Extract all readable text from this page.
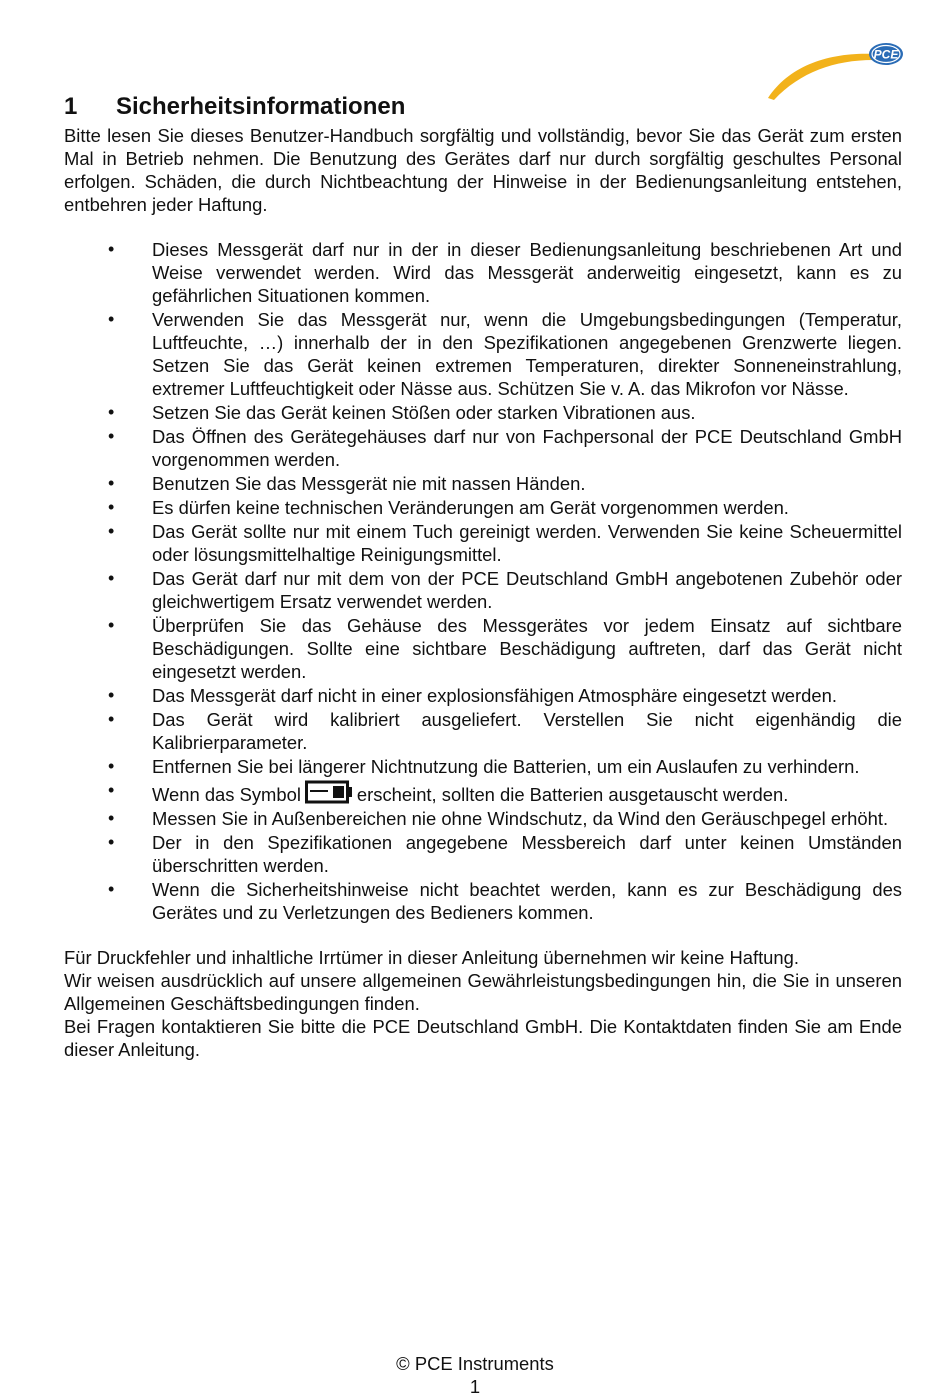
PCE
1 Sicherheitsinformationen

Bitte lesen Sie dieses Benutzer-Handbuch sorgfältig und vollständig, bevor Sie das Gerät zum ersten Mal in Betrieb nehmen. Die Benutzung des Gerätes darf nur durch sorgfältig geschultes Personal erfolgen. Schäden, die durch Nichtbeachtung der Hinweise in der Bedienungsanleitung entstehen, entbehren jeder Haftung.

• Dieses Messgerät darf nur in der in dieser Bedienungsanleitung beschriebenen Art und Weise verwendet werden. Wird das Messgerät anderweitig eingesetzt, kann es zu gefährlichen Situationen kommen.
• Verwenden Sie das Messgerät nur, wenn die Umgebungsbedingungen (Temperatur, Luftfeuchte, …) innerhalb der in den Spezifikationen angegebenen Grenzwerte liegen. Setzen Sie das Gerät keinen extremen Temperaturen, direkter Sonneneinstrahlung, extremer Luftfeuchtigkeit oder Nässe aus. Schützen Sie v. A. das Mikrofon vor Nässe.
• Setzen Sie das Gerät keinen Stößen oder starken Vibrationen aus.
• Das Öffnen des Gerätegehäuses darf nur von Fachpersonal der PCE Deutschland GmbH vorgenommen werden.
• Benutzen Sie das Messgerät nie mit nassen Händen.
• Es dürfen keine technischen Veränderungen am Gerät vorgenommen werden.
• Das Gerät sollte nur mit einem Tuch gereinigt werden. Verwenden Sie keine Scheuermittel oder lösungsmittelhaltige Reinigungsmittel.
• Das Gerät darf nur mit dem von der PCE Deutschland GmbH angebotenen Zubehör oder gleichwertigem Ersatz verwendet werden.
• Überprüfen Sie das Gehäuse des Messgerätes vor jedem Einsatz auf sichtbare Beschädigungen. Sollte eine sichtbare Beschädigung auftreten, darf das Gerät nicht eingesetzt werden.
• Das Messgerät darf nicht in einer explosionsfähigen Atmosphäre eingesetzt werden.
• Das Gerät wird kalibriert ausgeliefert. Verstellen Sie nicht eigenhändig die Kalibrierparameter.
• Entfernen Sie bei längerer Nichtnutzung die Batterien, um ein Auslaufen zu verhindern.
• Wenn das Symbol	erscheint, sollten die Batterien ausgetauscht werden.
• Messen Sie in Außenbereichen nie ohne Windschutz, da Wind den Geräuschpegel erhöht.
• Der in den Spezifikationen angegebene Messbereich darf unter keinen Umständen überschritten werden.
• Wenn die Sicherheitshinweise nicht beachtet werden, kann es zur Beschädigung des Gerätes und zu Verletzungen des Bedieners kommen.

Für Druckfehler und inhaltliche Irrtümer in dieser Anleitung übernehmen wir keine Haftung.

Wir weisen ausdrücklich auf unsere allgemeinen Gewährleistungsbedingungen hin, die Sie in unseren Allgemeinen Geschäftsbedingungen finden.

Bei Fragen kontaktieren Sie bitte die PCE Deutschland GmbH. Die Kontaktdaten finden Sie am Ende dieser Anleitung.

© PCE Instruments
1
